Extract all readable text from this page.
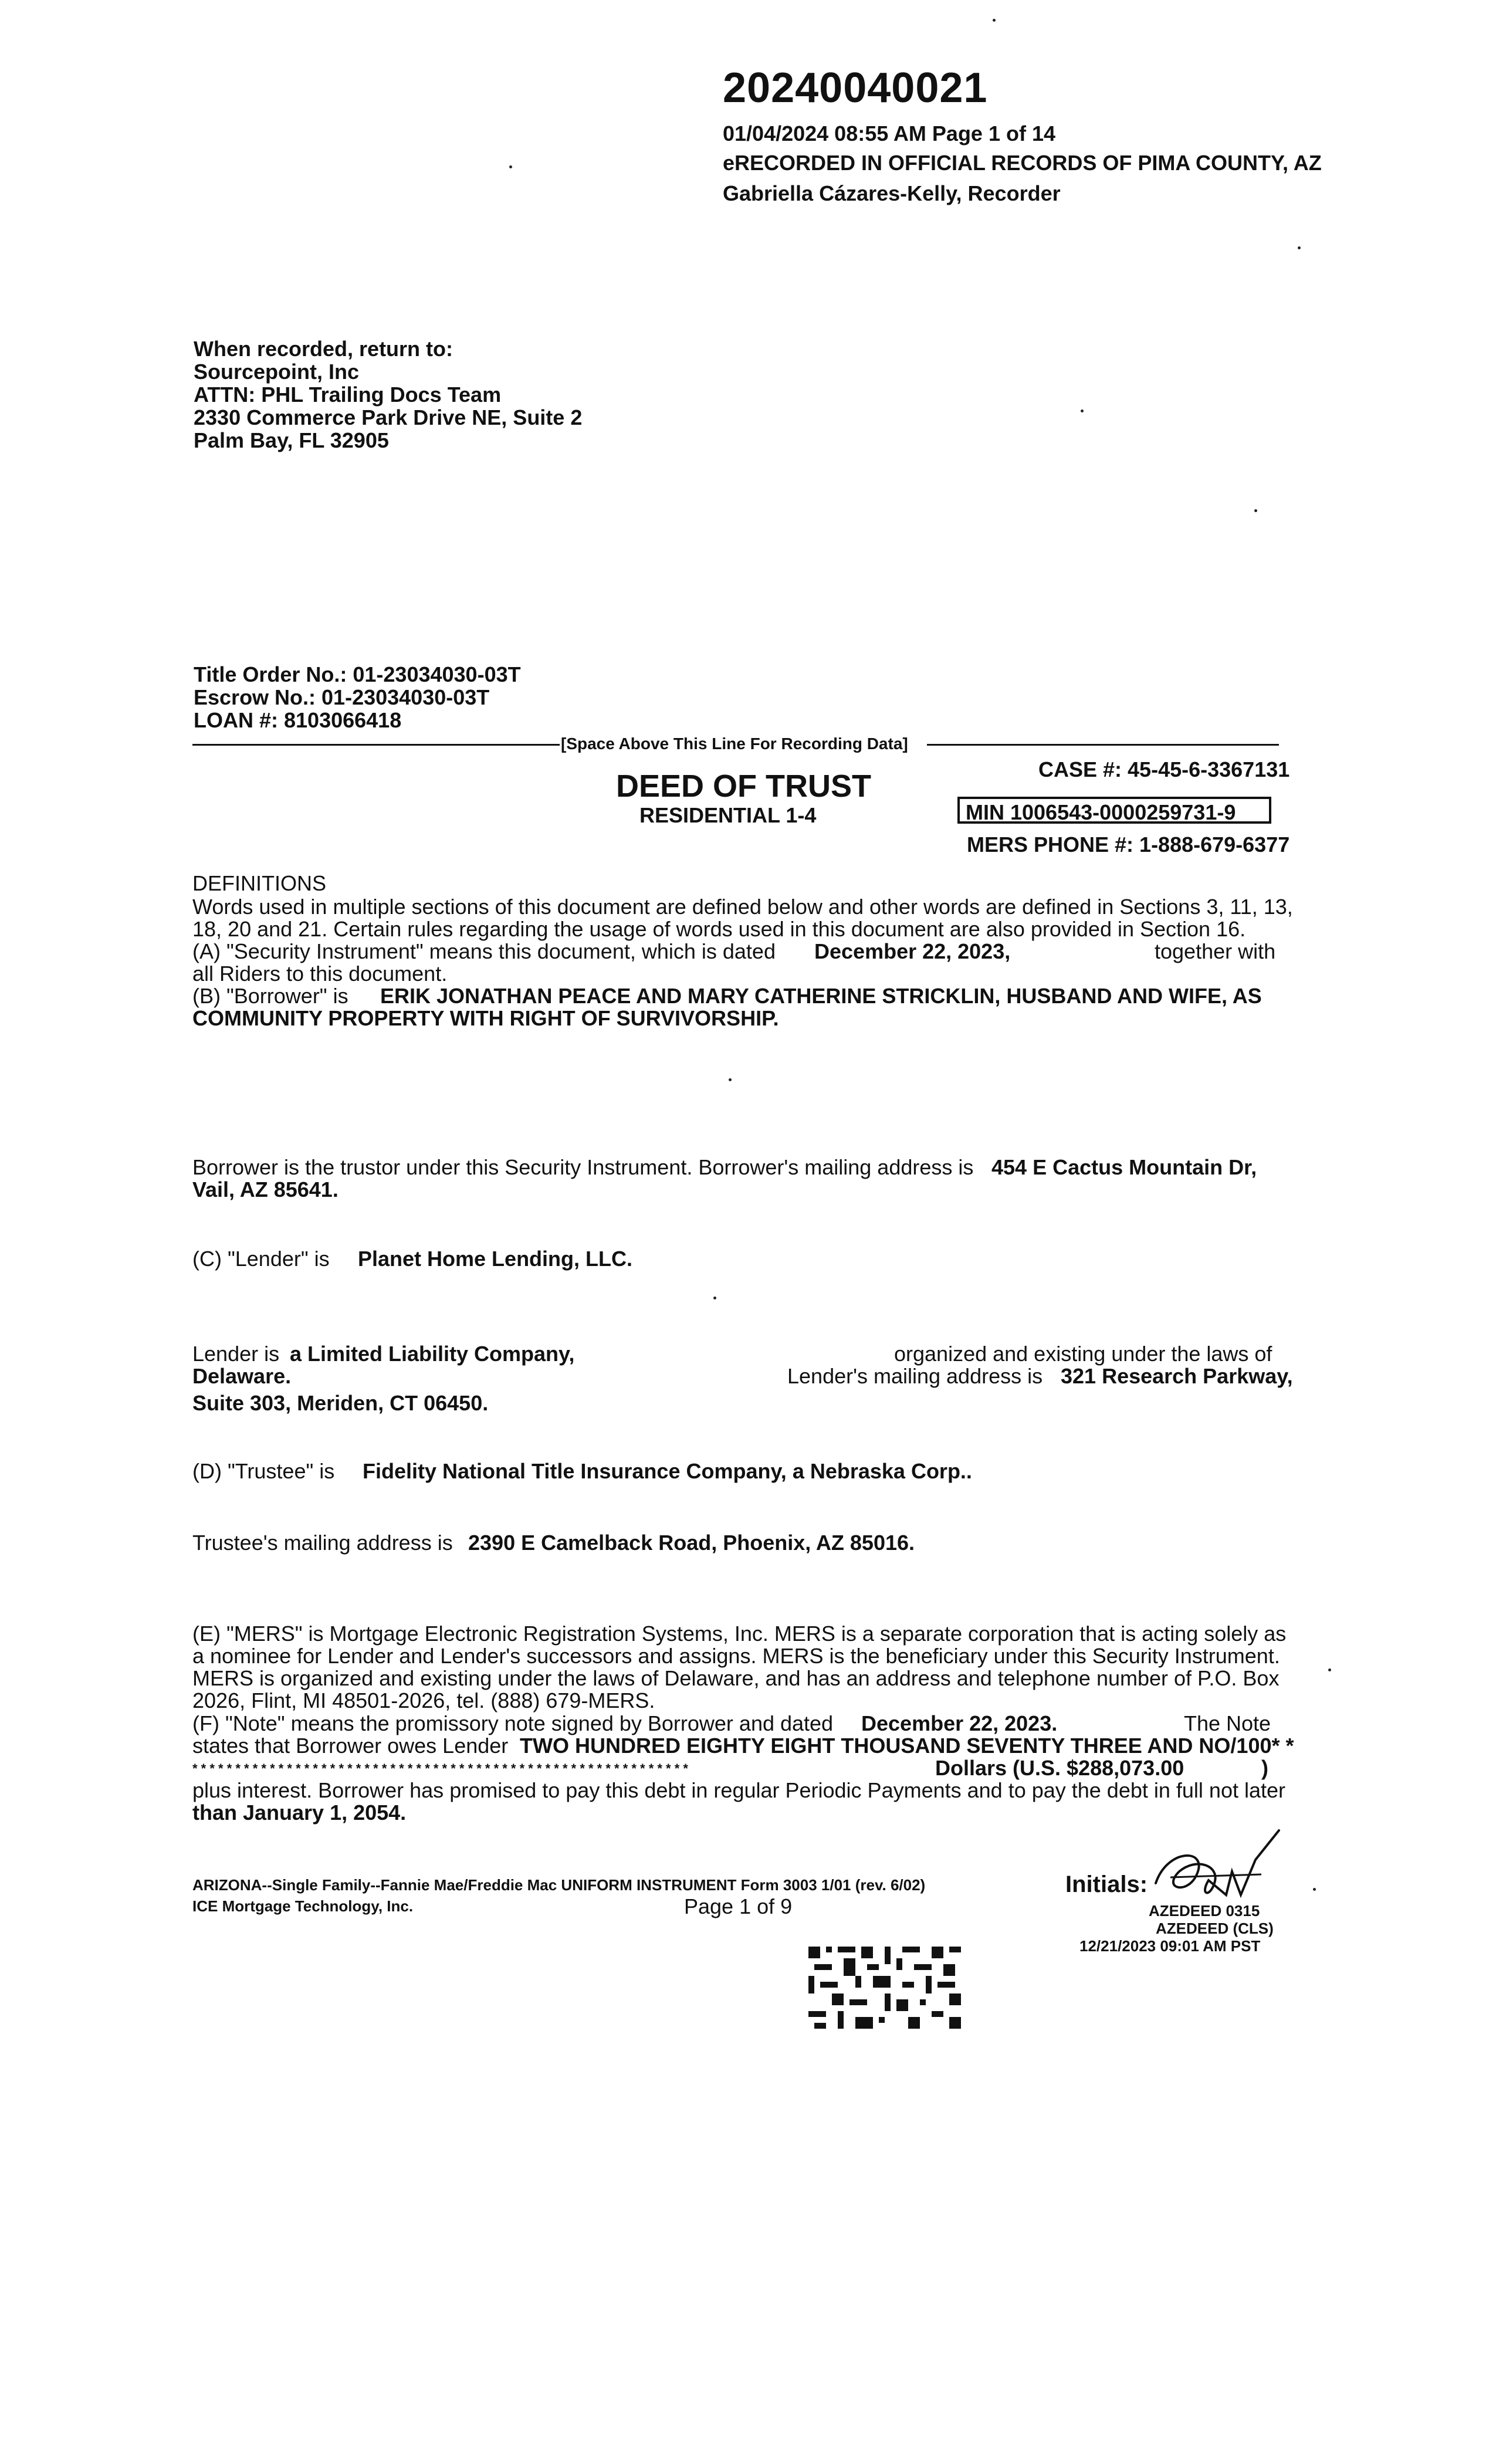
20240040021
01/04/2024 08:55 AM Page 1 of 14
eRECORDED IN OFFICIAL RECORDS OF PIMA COUNTY, AZ
Gabriella Cázares-Kelly, Recorder
When recorded, return to:
Sourcepoint, Inc
ATTN: PHL Trailing Docs Team
2330 Commerce Park Drive NE, Suite 2
Palm Bay, FL 32905
Title Order No.: 01-23034030-03T
Escrow No.: 01-23034030-03T
LOAN #: 8103066418
[Space Above This Line For Recording Data]
CASE #: 45-45-6-3367131
DEED OF TRUST
RESIDENTIAL 1-4	MIN 1006543-0000259731-9
MERS PHONE #: 1-888-679-6377
DEFINITIONS
Words used in multiple sections of this document are defined below and other words are defined in Sections 3, 11, 13,
18, 20 and 21. Certain rules regarding the usage of words used in this document are also provided in Section 16.
(A) "Security Instrument" means this document, which is dated December 22, 2023,	together with
all Riders to this document.
(B) "Borrower" is ERIK JONATHAN PEACE AND MARY CATHERINE STRICKLIN, HUSBAND AND WIFE, AS
COMMUNITY PROPERTY WITH RIGHT OF SURVIVORSHIP.
Borrower is the trustor under this Security Instrument. Borrower's mailing address is 454 E Cactus Mountain Dr,
Vail, AZ 85641.
(C) "Lender" is Planet Home Lending, LLC.
Lender is a Limited Liability Company,	organized and existing under the laws of
Delaware.	Lender's mailing address is 321 Research Parkway,
Suite 303, Meriden, CT 06450.
(D) "Trustee" is Fidelity National Title Insurance Company, a Nebraska Corp..
Trustee's mailing address is 2390 E Camelback Road, Phoenix, AZ 85016.
(E) "MERS" is Mortgage Electronic Registration Systems, Inc. MERS is a separate corporation that is acting solely as
a nominee for Lender and Lender's successors and assigns. MERS is the beneficiary under this Security Instrument.
MERS is organized and existing under the laws of Delaware, and has an address and telephone number of P.O. Box
2026, Flint, MI 48501-2026, tel. (888) 679-MERS.
(F) "Note" means the promissory note signed by Borrower and dated December 22, 2023.	The Note
states that Borrower owes Lender TWO HUNDRED EIGHTY EIGHT THOUSAND SEVENTY THREE AND NO/100* *
* * * * * * * * * * * * * * * * * * * * * * * * * * * * * * * * * * * * * * * * * * * * * * * * * * * * * * * * * *	Dollars (U.S. $288,073.00	)
plus interest. Borrower has promised to pay this debt in regular Periodic Payments and to pay the debt in full not later
than January 1, 2054.
ARIZONA--Single Family--Fannie Mae/Freddie Mac UNIFORM INSTRUMENT Form 3003 1/01 (rev. 6/02)
ICE Mortgage Technology, Inc.	Page 1 of 9
Initials:
AZEDEED 0315
AZEDEED (CLS)
12/21/2023 09:01 AM PST
